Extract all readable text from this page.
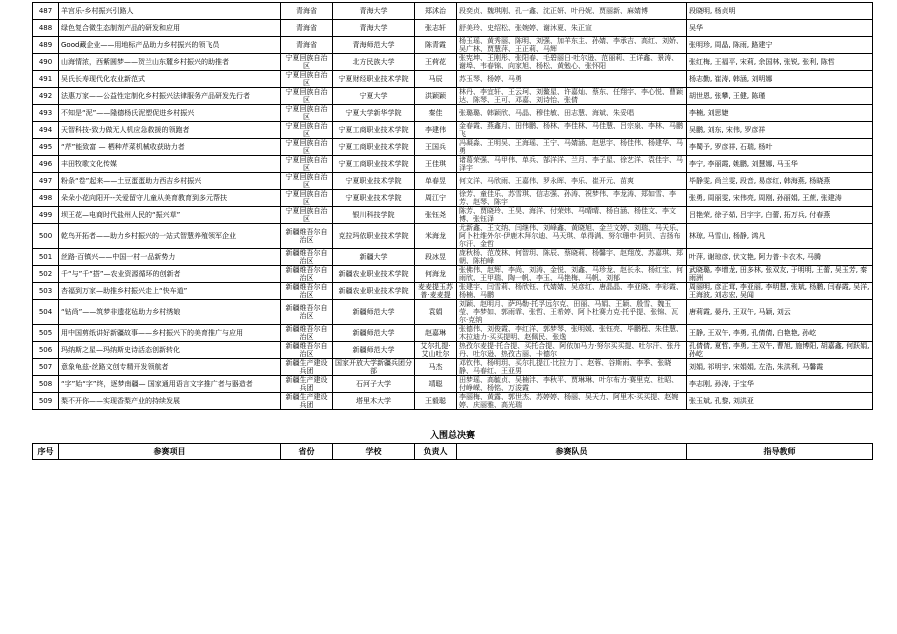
487	羊宫乐-乡村振兴引路人	青海省	青海大学	郑沭治	段奕贞、魏琪刚、孔一鑫、沈正妍、叶丹妮、贾丽新、麻婧博	段晓明, 杨贞明
488	绿色复合微生态制剂产品的研发和应用	青海省	青海大学	张志轩	舒美玲、史绍松、张婉婷、谢沐夏、朱正宣	吴华
489	Good藏企业——用地标产品助力乡村振兴的领飞员	青海省	青海师范大学	陈青霞	杨玉瑶、黄秀丽、陈明、刘强、加羊东主、孙婧、李承吉、高红、刘娇、吴广林、贾慧萍、王正莉、马辉	张明珍, 周晶, 陈雨, 路建宁
490	山海情浓，西紫圆梦——贺兰山东麓乡村振兴的助推者	宁夏回族自治区	北方民族大学	王荷花	张宪坤、王刚彤、张阳春、毛碧丽日·吐尔逊、范丽莉、王详鑫、景涛、谢埠、韦春锦、向家旭、杨松、黄勉心、张怀阳	张红梅, 王福平, 宋莉, 余国林, 张锐, 张利, 陈哲
491	吴氏长寿现代化农业新范式	宁夏回族自治区	宁夏财经职业技术学院	马辰	苏玉琴、杨婷、马勇	杨志勤, 崔涛, 韩涵, 刘明娜
492	法惠万家——公益性定制化乡村振兴法律服务产品研发先行者	宁夏回族自治区	宁夏大学	洪颖颖	林丹、李宜轩、王云珂、刘鳌星、许嘉灿、蔡东、任翔宇、李心悦、曹颖达、陈琴、王可、邓嘉、刘诗怡、张倩	胡世恩, 张攀, 王健, 陈瑾
493	不知是“泥”——隆德杨氏泥塑促进乡村振兴	宁夏回族自治区	宁夏大学新华学院	秦佳	张璐璐、韩颖欣、马晶、穆佳敏、田志慧、海斌、朱妥唱	李楠, 刘思婕
494	天智科技-致力做无人机应急救援的领跑者	宁夏回族自治区	宁夏工商职业技术学院	李建伟	金春霞、燕鑫月、田伟鹏、杨林、李佳林、马佳慧、吕宗泉、李林、马鹏飞	吴鹏, 刘东, 宋伟, 罗彦祥
495	“芹”能致富 — 栖种芹菜机械收获助力者	宁夏回族自治区	宁夏工商职业技术学院	王国兵	冯凝淼、王明吴、王海瑶、王宁、马婧涵、赵思宇、杨佳伟、杨建华、马勇	李蜀予, 罗彦祥, 石瑞, 杨叶
496	丰田牧歌文化传媒	宁夏回族自治区	宁夏工商职业技术学院	王佳琪	诸葛荣强、马甲伟、单兵、郜洋洋、兰月、李子星、徐艺洋、袁佳宇、马泽宇	李宁, 李丽霞, 姚鹏, 刘慧娜, 马玉华
497	粉条“卷”起来——土豆蛋蛋助力西吉乡村振兴	宁夏回族自治区	宁夏职业技术学院	单春昱	何文洋、马欣雨、王嘉伟、罗永晖、李乐、崔开元、苗爽	毕静雯, 尚兰雯, 段音, 易彦红, 韩海燕, 杨晓燕
498	朵朵小花向阳开--关爱留守儿童从美育教育到多元帮扶	宁夏回族自治区	宁夏职业技术学院	周江宁	徐芳、童佳乐、苏雪琪、信志强、孙涛、祝梦伟、李龙涛、郑如雪、李芳、赵琴、陈宇	张勇, 周丽雯, 宋伟亮, 周刚, 孙丽娟, 王蔗, 张建涛
499	坝王花—电商时代盐州人民的“振兴草”	宁夏回族自治区	银川科技学院	张钰尧	陈芳、贾晓玲、王昊、海洋、付荣炜、马晴晴、杨自涵、杨佳文、李文博、张钰泽	吕艳荣, 徐子茹, 吕宇宇, 白蕾, 拓万兵, 付春燕
500	乾鸟开拓者——助力乡村振兴的一站式智慧养殖领军企业	新疆维吾尔自治区	克拉玛依职业技术学院	米海龙	尤新鑫、王文纳、闫继伟、刘峰鑫、黄晓旭、金兰文婷、刘瑞、马天乐、阿卜杜维外尔·伊鹿木拜尔迪、马天琪、单得满、努尔珊申·阿贝、吉扬布尔汗、金哲	林琼, 马雪山, 杨静, 鸿凡
501	丝路·百镇兴——中国一村一品新势力	新疆维吾尔自治区	新疆大学	段冰昱	庞秋杨、范茂林、何智玥、陈辰、蔡晓莉、杨馨宇、赵翔茂、苏嘉琪、郑朝、陈柏峰	叶萍, 谢琼彦, 伏文艳, 阿力普·卡衣木, 马腾
502	千“与”千“搭”—农业资源循环的创新者	新疆维吾尔自治区	新疆农业职业技术学院	何海龙	张佛伟、赵辉、李尚、刘涛、金悦、刘鑫、马珍龙、赵长永、杨红宝、何雨欣、王甲瑞、陶一帆、李玉、马艳梅、马帆、刘郁	武晓璐, 李增龙, 田多林, 张双友, 于明明, 王蕾, 吴玉芳, 秦雨洲
503	杏福到万家—助推乡村振兴走上“快车道”	新疆维吾尔自治区	新疆农业职业技术学院	麦麦提玉苏普·麦麦提	张建宇、闫雪莉、杨欣钰、代婧婧、吴彦红、唐晶晶、李亚晓、李彩霞、杨楠、马鹏	周丽明, 彦正茸, 李亚丽, 李明慧, 张斌, 杨鹏, 闫春霞, 吴洋, 王海波, 刘志宏, 吴闻
504	“钻尚”——筑梦非遗花毡助力乡村绣娘	新疆维吾尔自治区	新疆师范大学	袁娟	刘颖、赵明月、萨玛勒·托孚远尔克、田丽、马娟、王颖、殷雪、魏玉莹、李梦如、郭雨霏、张哲、王希婷、阿卜杜赛力克·托乎提、张锦、瓦尔·克纳	唐莉霞, 晏丹, 王双午, 马颖, 刘云
505	用中国剪纸讲好新疆故事——乡村振兴下的美育推广与应用	新疆维吾尔自治区	新疆师范大学	赵嘉琳	张德伟、刘俊霞、李红洋、郭梦琴、张明媛、张钰亮、毕鹏程、朱佳慧、木拉迪力·买买提明、赵佩民、张逸	王静, 王双午, 李勇, 孔倩倩, 白艳艳, 孙屹
506	玛纳斯之星—玛纳斯史诗活态创新转化	新疆维吾尔自治区	新疆师范大学	艾尔扎提·艾山吐尔	热孜尔麦提·托合提、买托合提、阿依加马力·努尔买买提、吐尔汗、张丹丹、吐尔逊、热孜古丽、卡德尔	孔倩倩, 夏哲, 李勇, 王双午, 曹旭, 施博阳, 胡嘉鑫, 何跃娟, 孙屹
507	意象龟兹-丝路文创专精开发领航者	新疆生产建设兵团	国家开放大学新疆兵团分部	马杰	邓钦伟、杨明玥、买尔扎提江·比拉力丁、赵蓉、谷斯雨、李季、张晓静、马春红、王亚男	刘娟, 祁明宇, 宋娟娟, 左浩, 朱洪利, 马馨霞
508	“字”始“字”终，逐梦南疆— 国家通用语言文字推广者与器造者	新疆生产建设兵团	石河子大学	靖聪	田梦瑶、高毓贞、吴楠沣、李秋平、贾琳琳、叶尔布力·赛里克、杜昭、付峥嵘、杨铭、万浚霞	李志刚, 孙涛, 于宝华
509	梨不开你——实现香梨产业的持续发展	新疆生产建设兵团	塔里木大学	王毅聪	李丽梅、黄露、郭世杰、苏婷婷、杨丽、吴天力、阿里木·买买提、赵婉婷、庆丽雅、高光瑞	张玉斌, 孔黎, 刘洪亚

入围总决赛
序号	参赛项目	省份	学校	负责人	参赛队员	指导教师
